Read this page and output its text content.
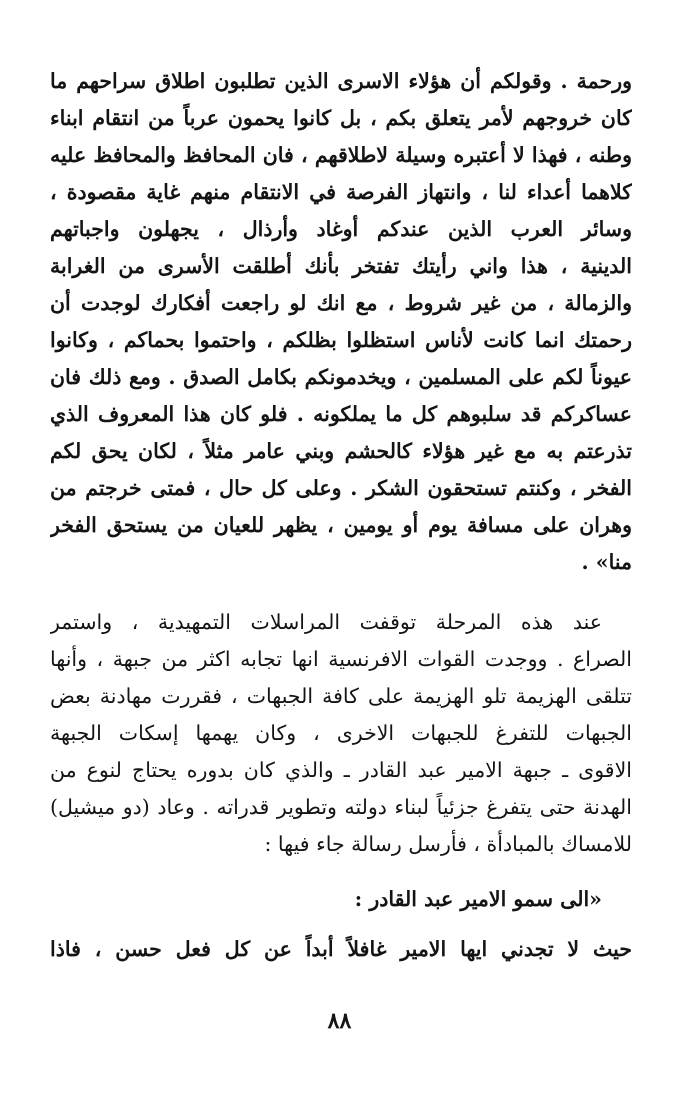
ورحمة . وقولكم أن هؤلاء الاسرى الذين تطلبون اطلاق سراحهم ما
كان خروجهم لأمر يتعلق بكم ، بل كانوا يحمون عرباً من انتقام ابناء
وطنه ، فهذا لا أعتبره وسيلة لاطلاقهم ، فان المحافظ والمحافظ عليه
كلاهما أعداء لنا ، وانتهاز الفرصة في الانتقام منهم غاية مقصودة ،
وسائر العرب الذين عندكم أوغاد وأرذال ، يجهلون واجباتهم
الدينية ، هذا واني رأيتك تفتخر بأنك أطلقت الأسرى من الغرابة
والزمالة ، من غير شروط ، مع انك لو راجعت أفكارك لوجدت أن
رحمتك انما كانت لأناس استظلوا بظلكم ، واحتموا بحماكم ، وكانوا
عيوناً لكم على المسلمين ، ويخدمونكم بكامل الصدق . ومع ذلك فان
عساكركم قد سلبوهم كل ما يملكونه . فلو كان هذا المعروف الذي
تذرعتم به مع غير هؤلاء كالحشم وبني عامر مثلاً ، لكان يحق لكم
الفخر ، وكنتم تستحقون الشكر . وعلى كل حال ، فمتى خرجتم من
وهران على مسافة يوم أو يومين ، يظهر للعيان من يستحق الفخر
منا» .
عند هذه المرحلة توقفت المراسلات التمهيدية ، واستمر
الصراع . ووجدت القوات الافرنسية انها تجابه اكثر من جبهة ، وأنها
تتلقى الهزيمة تلو الهزيمة على كافة الجبهات ، فقررت مهادنة بعض
الجبهات للتفرغ للجبهات الاخرى ، وكان يهمها إسكات الجبهة
الاقوى ـ جبهة الامير عبد القادر ـ والذي كان بدوره يحتاج لنوع من
الهدنة حتى يتفرغ جزئياً لبناء دولته وتطوير قدراته . وعاد (دو ميشيل)
للامساك بالمبادأة ، فأرسل رسالة جاء فيها :
«الى سمو الامير عبد القادر :
حيث لا تجدني ايها الامير غافلاً أبداً عن كل فعل حسن ، فاذا
٨٨
